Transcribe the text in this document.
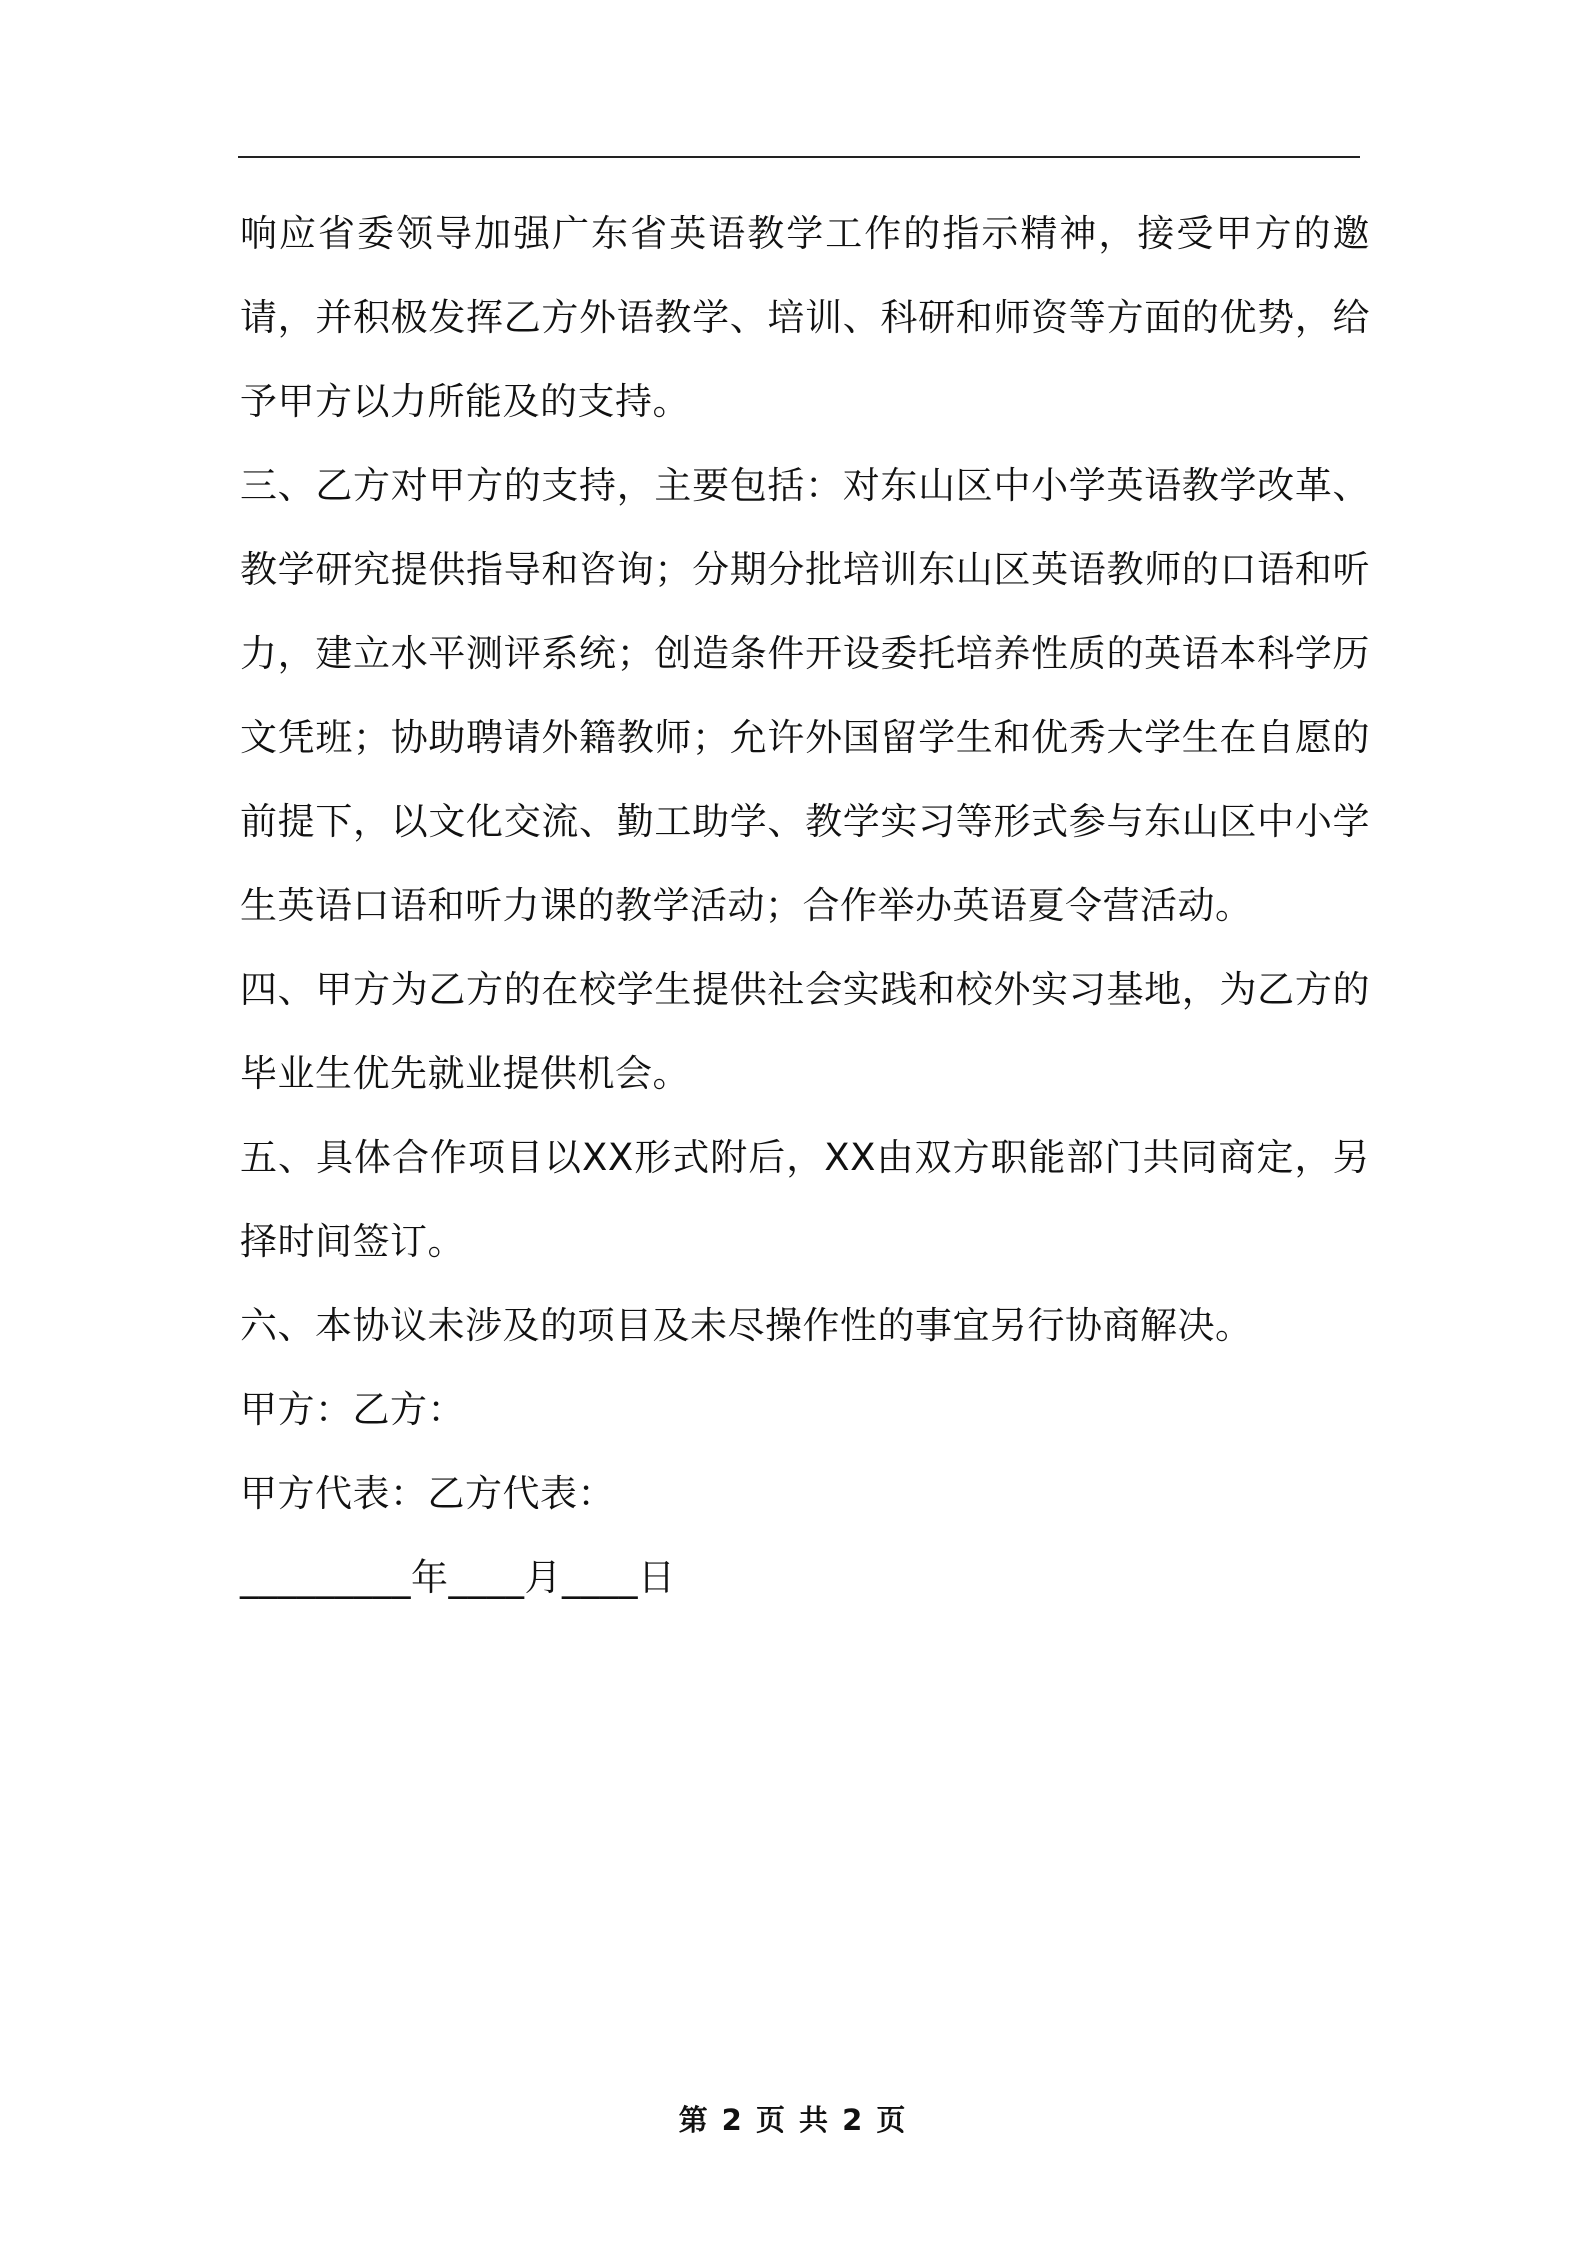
响应省委领导加强广东省英语教学工作的指示精神，接受甲方的邀请，并积极发挥乙方外语教学、培训、科研和师资等方面的优势，给予甲方以力所能及的支持。

三、乙方对甲方的支持，主要包括：对东山区中小学英语教学改革、教学研究提供指导和咨询；分期分批培训东山区英语教师的口语和听力，建立水平测评系统；创造条件开设委托培养性质的英语本科学历文凭班；协助聘请外籍教师；允许外国留学生和优秀大学生在自愿的前提下，以文化交流、勤工助学、教学实习等形式参与东山区中小学生英语口语和听力课的教学活动；合作举办英语夏令营活动。

四、甲方为乙方的在校学生提供社会实践和校外实习基地，为乙方的毕业生优先就业提供机会。

五、具体合作项目以XX形式附后，XX由双方职能部门共同商定，另择时间签订。

六、本协议未涉及的项目及未尽操作性的事宜另行协商解决。

甲方：乙方：

甲方代表：乙方代表：

_________年____月____日

第 2 页 共 2 页
